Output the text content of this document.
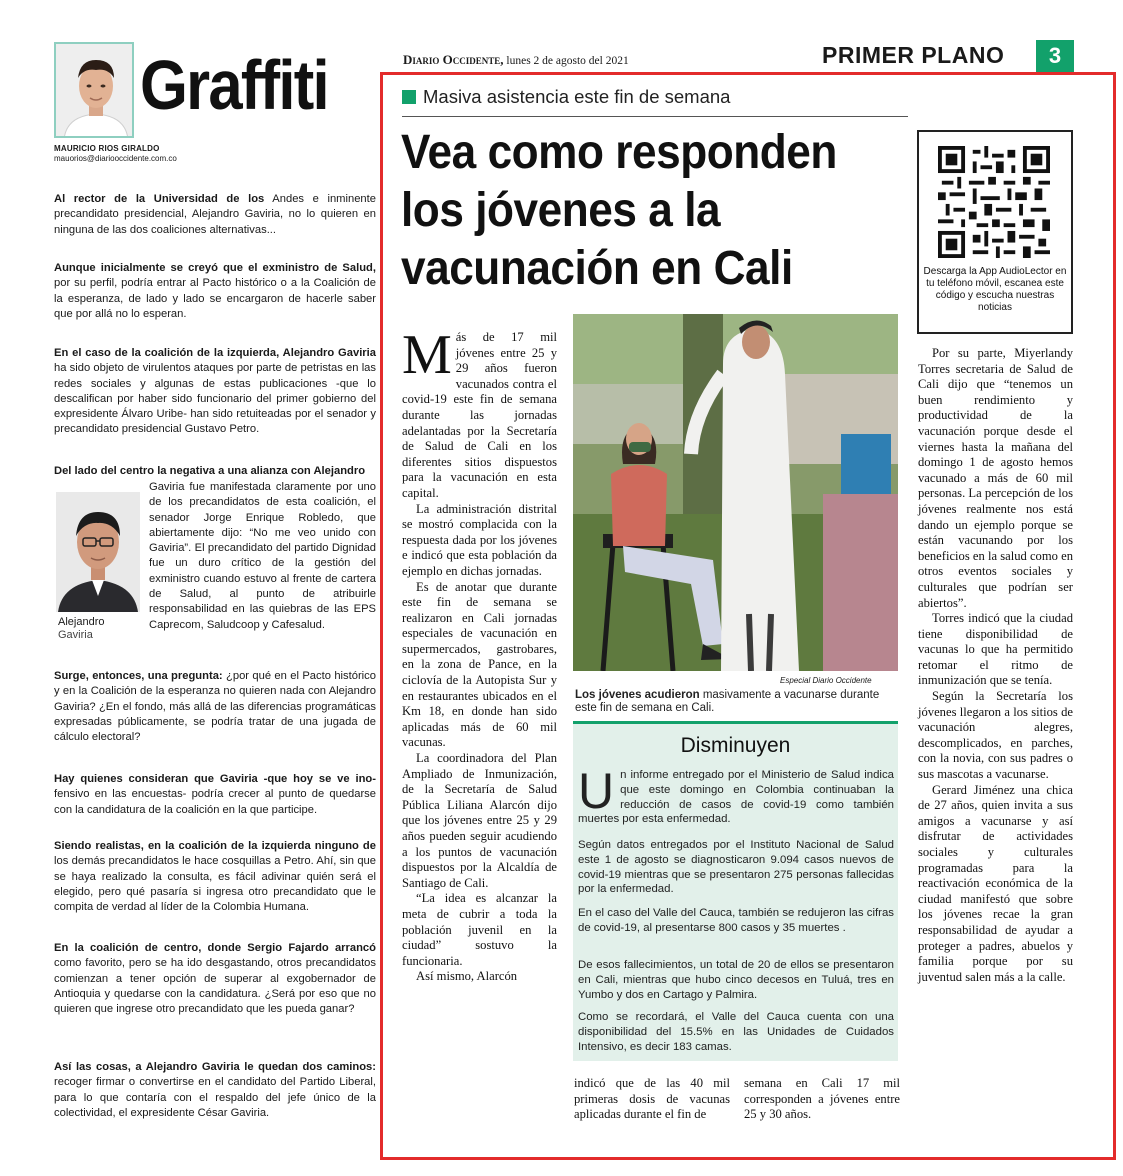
Graffiti
MAURICIO RIOS GIRALDO
mauorios@diariooccidente.com.co

Al rector de la Universidad de los Andes e inminente precandidato presidencial, Alejandro Gaviria, no lo quieren en ninguna de las dos coaliciones alternativas...

Aunque inicialmente se creyó que el exministro de Salud, por su perfil, podría entrar al Pacto histórico o a la Coalición de la esperanza, de lado y lado se encargaron de hacerle saber que por allá no lo esperan.

En el caso de la coalición de la izquierda, Alejandro Gaviria ha sido objeto de virulentos ataques por parte de petristas en las redes sociales y algunas de estas publicaciones -que lo descalifican por haber sido funcionario del primer gobierno del expresidente Álvaro Uribe- han sido retuiteadas por el senador y precandidato presidencial Gustavo Petro.

Del lado del centro la negativa a una alianza con Alejandro

Gaviria fue manifestada claramente por uno de los precandidatos de esta coalición, el senador Jorge Enrique Robledo, que abiertamente dijo: “No me veo unido con Gaviria”. El precandidato del partido Dignidad fue un duro crítico de la gestión del exministro cuando estuvo al frente de cartera de Salud, al punto de atribuirle responsabilidad en las quiebras de las EPS Caprecom, Saludcoop y Cafesalud.

Alejandro
Gaviria

Surge, entonces, una pregunta: ¿por qué en el Pacto histórico y en la Coalición de la esperanza no quieren nada con Alejandro Gaviria? ¿En el fondo, más allá de las diferencias programáticas expresadas públicamente, se podría tratar de una jugada de cálculo electoral?

Hay quienes consideran que Gaviria -que hoy se ve ino- fensivo en las encuestas- podría crecer al punto de quedarse con la candidatura de la coalición en la que participe.

Siendo realistas, en la coalición de la izquierda ninguno de los demás precandidatos le hace cosquillas a Petro. Ahí, sin que se haya realizado la consulta, es fácil adivinar quién será el elegido, pero qué pasaría si ingresa otro precandidato que le compita de verdad al líder de la Colombia Humana.

En la coalición de centro, donde Sergio Fajardo arrancó como favorito, pero se ha ido desgastando, otros precandidatos comienzan a tener opción de superar al exgobernador de Antioquia y quedarse con la candidatura. ¿Será por eso que no quieren que ingrese otro precandidato que les pueda ganar?

Así las cosas, a Alejandro Gaviria le quedan dos caminos: recoger firmar o convertirse en el candidato del Partido Liberal, para lo que contaría con el respaldo del jefe único de la colectividad, el expresidente César Gaviria.

Diario Occidente, lunes 2 de agosto del 2021	PRIMER PLANO	3
Masiva asistencia este fin de semana
Vea como responden los jóvenes a la vacunación en Cali	Descarga la App AudioLector en tu teléfono móvil, escanea este código y escucha nuestras noticias

Más de 17 mil jóvenes entre 25 y 29 años fueron vacunados contra el covid-19 este fin de semana durante las jornadas adelantadas por la Secretaría de Salud de Cali en los diferentes sitios dispuestos para la vacunación en esta capital.

La administración distrital se mostró complacida con la respuesta dada por los jóvenes e indicó que esta población da ejemplo en dichas jornadas.

Es de anotar que durante este fin de semana se realizaron en Cali jornadas especiales de vacunación en supermercados, gastrobares, en la zona de Pance, en la ciclovía de la Autopista Sur y en restaurantes ubicados en el Km 18, en donde han sido aplicadas más de 60 mil vacunas.

La coordinadora del Plan Ampliado de Inmunización, de la Secretaría de Salud Pública Liliana Alarcón dijo que los jóvenes entre 25 y 29 años pueden seguir acudiendo a los puntos de vacunación dispuestos por la Alcaldía de Santiago de Cali.

“La idea es alcanzar la meta de cubrir a toda la población juvenil en la ciudad” sostuvo la funcionaria.

Así mismo, Alarcón

Especial Diario Occidente
Los jóvenes acudieron masivamente a vacunarse durante este fin de semana en Cali.
Disminuyen

Un informe entregado por el Ministerio de Salud indica que este domingo en Colombia continuaban la reducción de casos de covid-19 como también muertes por esta enfermedad.

Según datos entregados por el Instituto Nacional de Salud este 1 de agosto se diagnosticaron 9.094 casos nuevos de covid-19 mientras que se presentaron 275 personas fallecidas por la enfermedad.

En el caso del Valle del Cauca, también se redujeron las cifras de covid-19, al presentarse 800 casos y 35 muertes .

De esos fallecimientos, un total de 20 de ellos se presentaron en Cali, mientras que hubo cinco decesos en Tuluá, tres en Yumbo y dos en Cartago y Palmira.

Como se recordará, el Valle del Cauca cuenta con una disponibilidad del 15.5% en las Unidades de Cuidados Intensivo, es decir 183 camas.

indicó que de las 40 mil primeras dosis de vacunas aplicadas durante el fin de

semana en Cali 17 mil corresponden a jóvenes entre 25 y 30 años.

Por su parte, Miyerlandy Torres secretaria de Salud de Cali dijo que “tenemos un buen rendimiento y productividad de la vacunación porque desde el viernes hasta la mañana del domingo 1 de agosto hemos vacunado a más de 60 mil personas. La percepción de los jóvenes realmente nos está dando un ejemplo porque se están vacunando por los beneficios en la salud como en otros eventos sociales y culturales que podrían ser abiertos”.

Torres indicó que la ciudad tiene disponibilidad de vacunas lo que ha permitido retomar el ritmo de inmunización que se tenía.

Según la Secretaría los jóvenes llegaron a los sitios de vacunación alegres, descomplicados, en parches, con la novia, con sus padres o sus mascotas a vacunarse.

Gerard Jiménez una chica de 27 años, quien invita a sus amigos a vacunarse y así disfrutar de actividades sociales y culturales programadas para la reactivación económica de la ciudad manifestó que sobre los jóvenes recae la gran responsabilidad de ayudar a proteger a padres, abuelos y familia porque por su juventud salen más a la calle.
